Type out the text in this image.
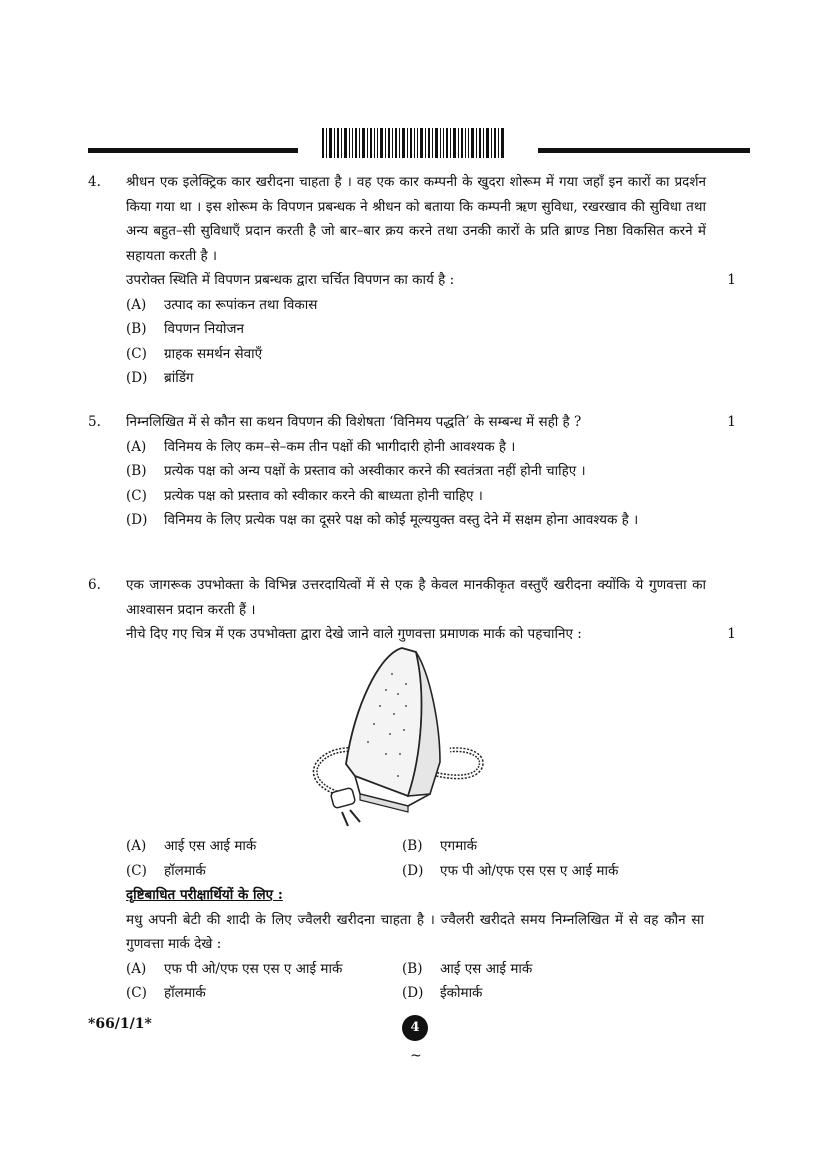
4.	श्रीधन एक इलेक्ट्रिक कार खरीदना चाहता है । वह एक कार कम्पनी के खुदरा शोरूम में गया जहाँ इन कारों का प्रदर्शन किया गया था । इस शोरूम के विपणन प्रबन्धक ने श्रीधन को बताया कि कम्पनी ऋण सुविधा, रखरखाव की सुविधा तथा अन्य बहुत–सी सुविधाएँ प्रदान करती है जो बार–बार क्रय करने तथा उनकी कारों के प्रति ब्राण्ड निष्ठा विकसित करने में सहायता करती है ।

उपरोक्त स्थिति में विपणन प्रबन्धक द्वारा चर्चित विपणन का कार्य है :

(A)	उत्पाद का रूपांकन तथा विकास
(B)	विपणन नियोजन
(C)	ग्राहक समर्थन सेवाएँ
(D)	ब्रांडिंग
1
5.	निम्नलिखित में से कौन सा कथन विपणन की विशेषता ‘विनिमय पद्धति’ के सम्बन्ध में सही है ?

(A)	विनिमय के लिए कम–से–कम तीन पक्षों की भागीदारी होनी आवश्यक है ।
(B)	प्रत्येक पक्ष को अन्य पक्षों के प्रस्ताव को अस्वीकार करने की स्वतंत्रता नहीं होनी चाहिए ।
(C)	प्रत्येक पक्ष को प्रस्ताव को स्वीकार करने की बाध्यता होनी चाहिए ।
(D)	विनिमय के लिए प्रत्येक पक्ष का दूसरे पक्ष को कोई मूल्ययुक्त वस्तु देने में सक्षम होना आवश्यक है ।
1
6.	एक जागरूक उपभोक्ता के विभिन्न उत्तरदायित्वों में से एक है केवल मानकीकृत वस्तुएँ खरीदना क्योंकि ये गुणवत्ता का आश्वासन प्रदान करती हैं ।

नीचे दिए गए चित्र में एक उपभोक्ता द्वारा देखे जाने वाले गुणवत्ता प्रमाणक मार्क को पहचानिए :	1
(A)	आई एस आई मार्क	(B)	एगमार्क
(C)	हॉलमार्क	(D)	एफ पी ओ/एफ एस एस ए आई मार्क

दृष्टिबाधित परीक्षार्थियों के लिए :

मधु अपनी बेटी की शादी के लिए ज्वैलरी खरीदना चाहता है । ज्वैलरी खरीदते समय निम्नलिखित में से वह कौन सा गुणवत्ता मार्क देखे :

(A)	एफ पी ओ/एफ एस एस ए आई मार्क	(B)	आई एस आई मार्क
(C)	हॉलमार्क	(D)	ईकोमार्क
*66/1/1*	4
~
